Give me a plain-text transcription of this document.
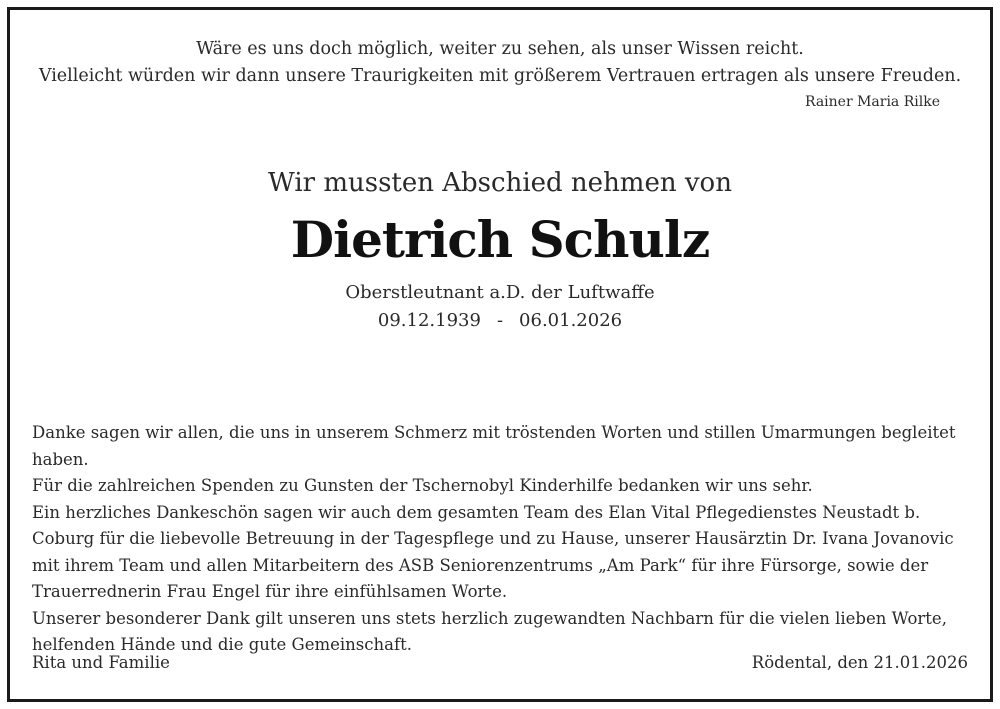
Wäre es uns doch möglich, weiter zu sehen, als unser Wissen reicht.

Vielleicht würden wir dann unsere Traurigkeiten mit größerem Vertrauen ertragen als unsere Freuden.

Rainer Maria Rilke
Wir mussten Abschied nehmen von
Dietrich Schulz
Oberstleutnant a.D. der Luftwaffe
09.12.1939 - 06.01.2026

Danke sagen wir allen, die uns in unserem Schmerz mit tröstenden Worten und stillen Umarmungen begleitet haben.

Für die zahlreichen Spenden zu Gunsten der Tschernobyl Kinderhilfe bedanken wir uns sehr.

Ein herzliches Dankeschön sagen wir auch dem gesamten Team des Elan Vital Pflegedienstes Neustadt b. Coburg für die liebevolle Betreuung in der Tagespflege und zu Hause, unserer Hausärztin Dr. Ivana Jovanovic mit ihrem Team und allen Mitarbeitern des ASB Seniorenzentrums „Am Park“ für ihre Fürsorge, sowie der Trauerrednerin Frau Engel für ihre einfühlsamen Worte.

Unserer besonderer Dank gilt unseren uns stets herzlich zugewandten Nachbarn für die vielen lieben Worte, helfenden Hände und die gute Gemeinschaft.

Rita und Familie	Rödental, den 21.01.2026
